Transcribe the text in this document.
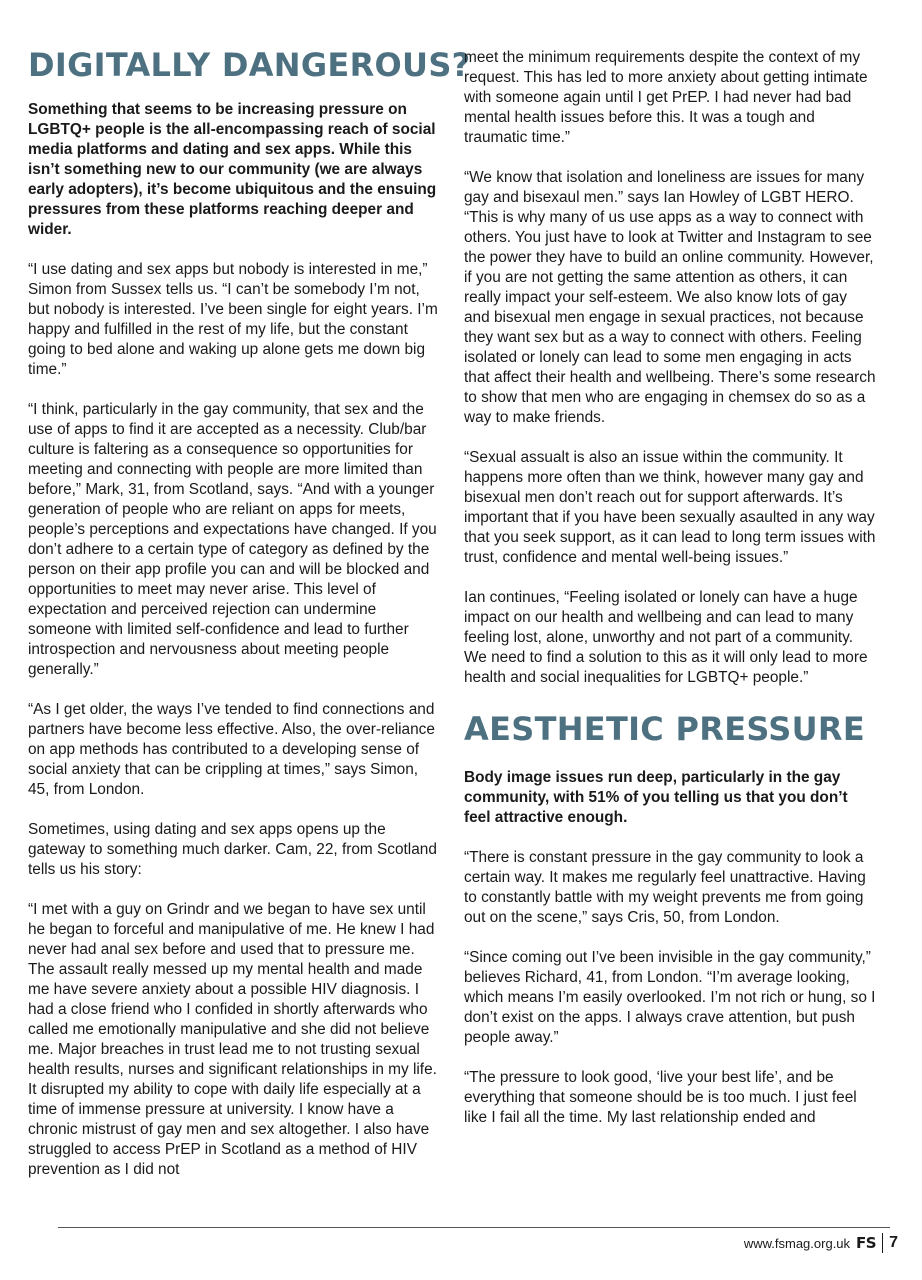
DIGITALLY DANGEROUS?

Something that seems to be increasing pressure on LGBTQ+ people is the all-encompassing reach of social media platforms and dating and sex apps. While this isn’t something new to our community (we are always early adopters), it’s become ubiquitous and the ensuing pressures from these platforms reaching deeper and wider.

“I use dating and sex apps but nobody is interested in me,” Simon from Sussex tells us. “I can’t be somebody I’m not, but nobody is interested. I’ve been single for eight years. I’m happy and fulfilled in the rest of my life, but the constant going to bed alone and waking up alone gets me down big time.”

“I think, particularly in the gay community, that sex and the use of apps to find it are accepted as a necessity. Club/bar culture is faltering as a consequence so opportunities for meeting and connecting with people are more limited than before,” Mark, 31, from Scotland, says. “And with a younger generation of people who are reliant on apps for meets, people’s perceptions and expectations have changed. If you don’t adhere to a certain type of category as defined by the person on their app profile you can and will be blocked and opportunities to meet may never arise. This level of expectation and perceived rejection can undermine someone with limited self-confidence and lead to further introspection and nervousness about meeting people generally.”

“As I get older, the ways I’ve tended to find connections and partners have become less effective. Also, the over-reliance on app methods has contributed to a developing sense of social anxiety that can be crippling at times,” says Simon, 45, from London.

Sometimes, using dating and sex apps opens up the gateway to something much darker. Cam, 22, from Scotland tells us his story:

“I met with a guy on Grindr and we began to have sex until he began to forceful and manipulative of me. He knew I had never had anal sex before and used that to pressure me. The assault really messed up my mental health and made me have severe anxiety about a possible HIV diagnosis. I had a close friend who I confided in shortly afterwards who called me emotionally manipulative and she did not believe me. Major breaches in trust lead me to not trusting sexual health results, nurses and significant relationships in my life. It disrupted my ability to cope with daily life especially at a time of immense pressure at university. I know have a chronic mistrust of gay men and sex altogether. I also have struggled to access PrEP in Scotland as a method of HIV prevention as I did not

meet the minimum requirements despite the context of my request. This has led to more anxiety about getting intimate with someone again until I get PrEP. I had never had bad mental health issues before this. It was a tough and traumatic time.”

“We know that isolation and loneliness are issues for many gay and bisexaul men.” says Ian Howley of LGBT HERO. “This is why many of us use apps as a way to connect with others. You just have to look at Twitter and Instagram to see the power they have to build an online community. However, if you are not getting the same attention as others, it can really impact your self-esteem. We also know lots of gay and bisexual men engage in sexual practices, not because they want sex but as a way to connect with others. Feeling isolated or lonely can lead to some men engaging in acts that affect their health and wellbeing. There’s some research to show that men who are engaging in chemsex do so as a way to make friends.

“Sexual assualt is also an issue within the community. It happens more often than we think, however many gay and bisexual men don’t reach out for support afterwards. It’s important that if you have been sexually asaulted in any way that you seek support, as it can lead to long term issues with trust, confidence and mental well-being issues.”

Ian continues, “Feeling isolated or lonely can have a huge impact on our health and wellbeing and can lead to many feeling lost, alone, unworthy and not part of a community. We need to find a solution to this as it will only lead to more health and social inequalities for LGBTQ+ people.”

AESTHETIC PRESSURE

Body image issues run deep, particularly in the gay community, with 51% of you telling us that you don’t feel attractive enough.

“There is constant pressure in the gay community to look a certain way. It makes me regularly feel unattractive. Having to constantly battle with my weight prevents me from going out on the scene,” says Cris, 50, from London.

“Since coming out I’ve been invisible in the gay community,” believes Richard, 41, from London. “I’m average looking, which means I’m easily overlooked. I’m not rich or hung, so I don’t exist on the apps. I always crave attention, but push people away.”

“The pressure to look good, ‘live your best life’, and be everything that someone should be is too much. I just feel like I fail all the time. My last relationship ended and

www.fsmag.org.uk FS 7
